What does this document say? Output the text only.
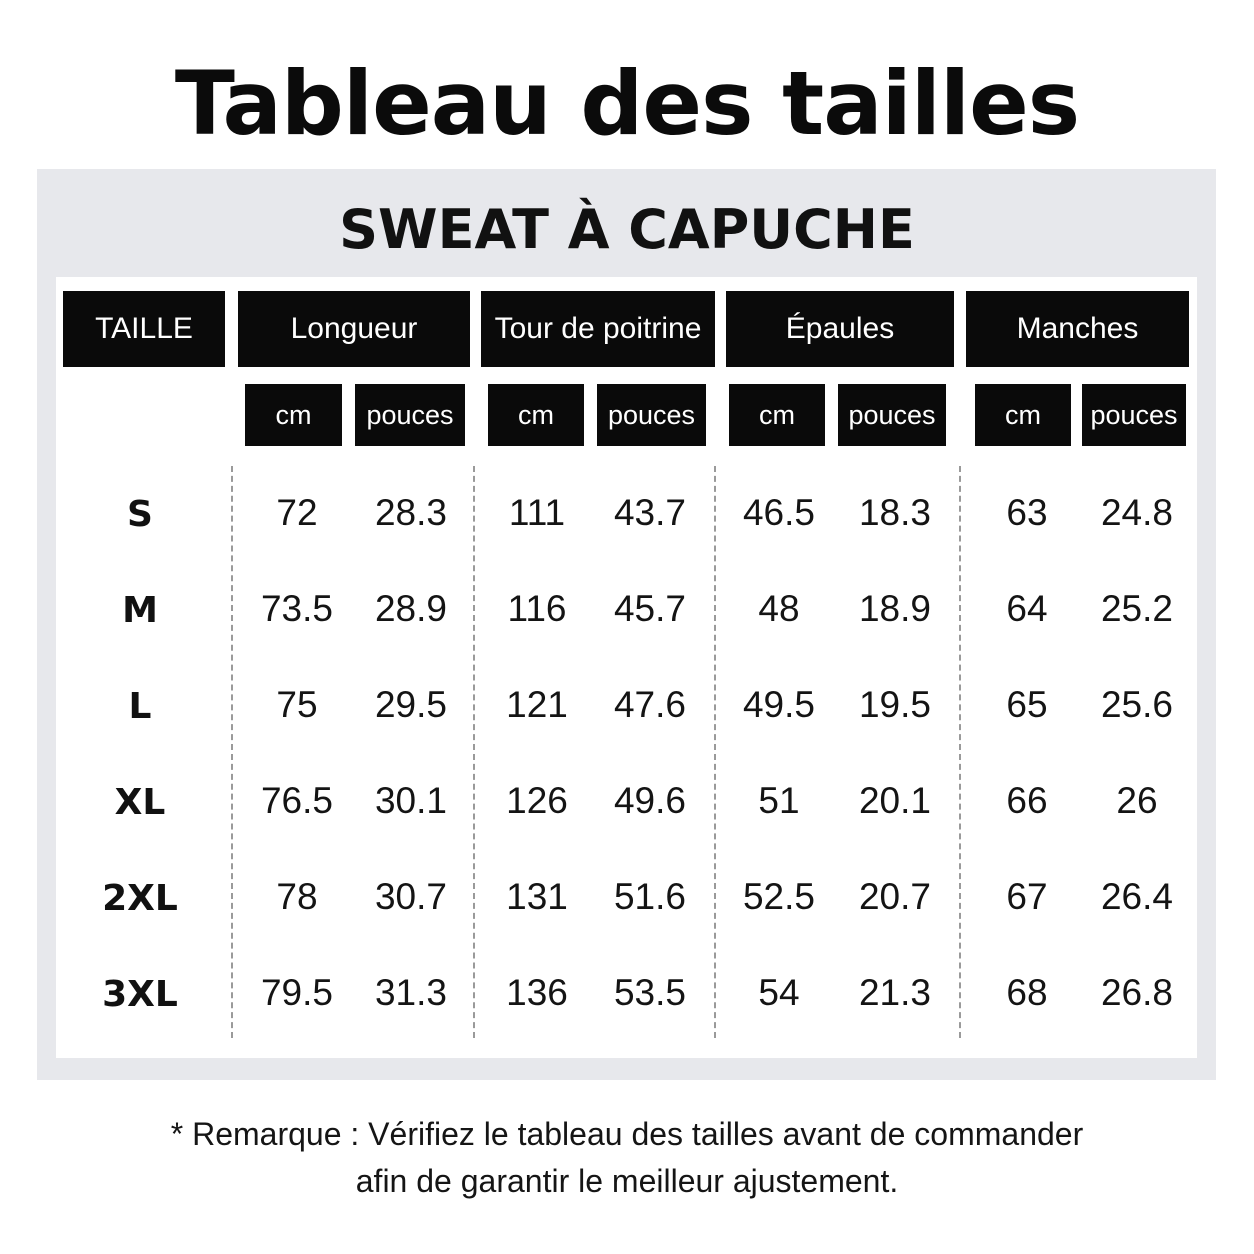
Tableau des tailles
SWEAT À CAPUCHE
TAILLE	Longueur	Tour de poitrine	Épaules	Manches
cm	pouces	cm	pouces	cm	pouces	cm	pouces
S	72	28.3	111	43.7	46.5	18.3	63	24.8
M	73.5	28.9	116	45.7	48	18.9	64	25.2
L	75	29.5	121	47.6	49.5	19.5	65	25.6
XL	76.5	30.1	126	49.6	51	20.1	66	26
2XL	78	30.7	131	51.6	52.5	20.7	67	26.4
3XL	79.5	31.3	136	53.5	54	21.3	68	26.8
* Remarque : Vérifiez le tableau des tailles avant de commander
afin de garantir le meilleur ajustement.
